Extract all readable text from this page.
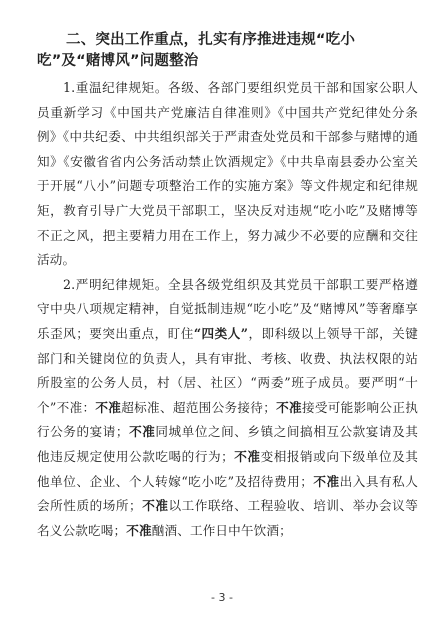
二、突出工作重点，扎实有序推进违规“吃小吃”及“赌博风”问题整治

1.重温纪律规矩。各级、各部门要组织党员干部和国家公职人员重新学习《中国共产党廉洁自律准则》《中国共产党纪律处分条例》《中共纪委、中共组织部关于严肃查处党员和干部参与赌博的通知》《安徽省省内公务活动禁止饮酒规定》《中共阜南县委办公室关于开展“八小”问题专项整治工作的实施方案》等文件规定和纪律规矩，教育引导广大党员干部职工，坚决反对违规“吃小吃”及赌博等不正之风，把主要精力用在工作上，努力减少不必要的应酬和交往活动。

2.严明纪律规矩。全县各级党组织及其党员干部职工要严格遵守中央八项规定精神，自觉抵制违规“吃小吃”及“赌博风”等奢靡享乐歪风；要突出重点，盯住“四类人”，即科级以上领导干部，关键部门和关键岗位的负责人，具有审批、考核、收费、执法权限的站所股室的公务人员，村（居、社区）“两委”班子成员。要严明“十个”不准：不准超标准、超范围公务接待；不准接受可能影响公正执行公务的宴请；不准同城单位之间、乡镇之间搞相互公款宴请及其他违反规定使用公款吃喝的行为；不准变相报销或向下级单位及其他单位、企业、个人转嫁“吃小吃”及招待费用；不准出入具有私人会所性质的场所；不准以工作联络、工程验收、培训、举办会议等名义公款吃喝；不准酗酒、工作日中午饮酒；

- 3 -
